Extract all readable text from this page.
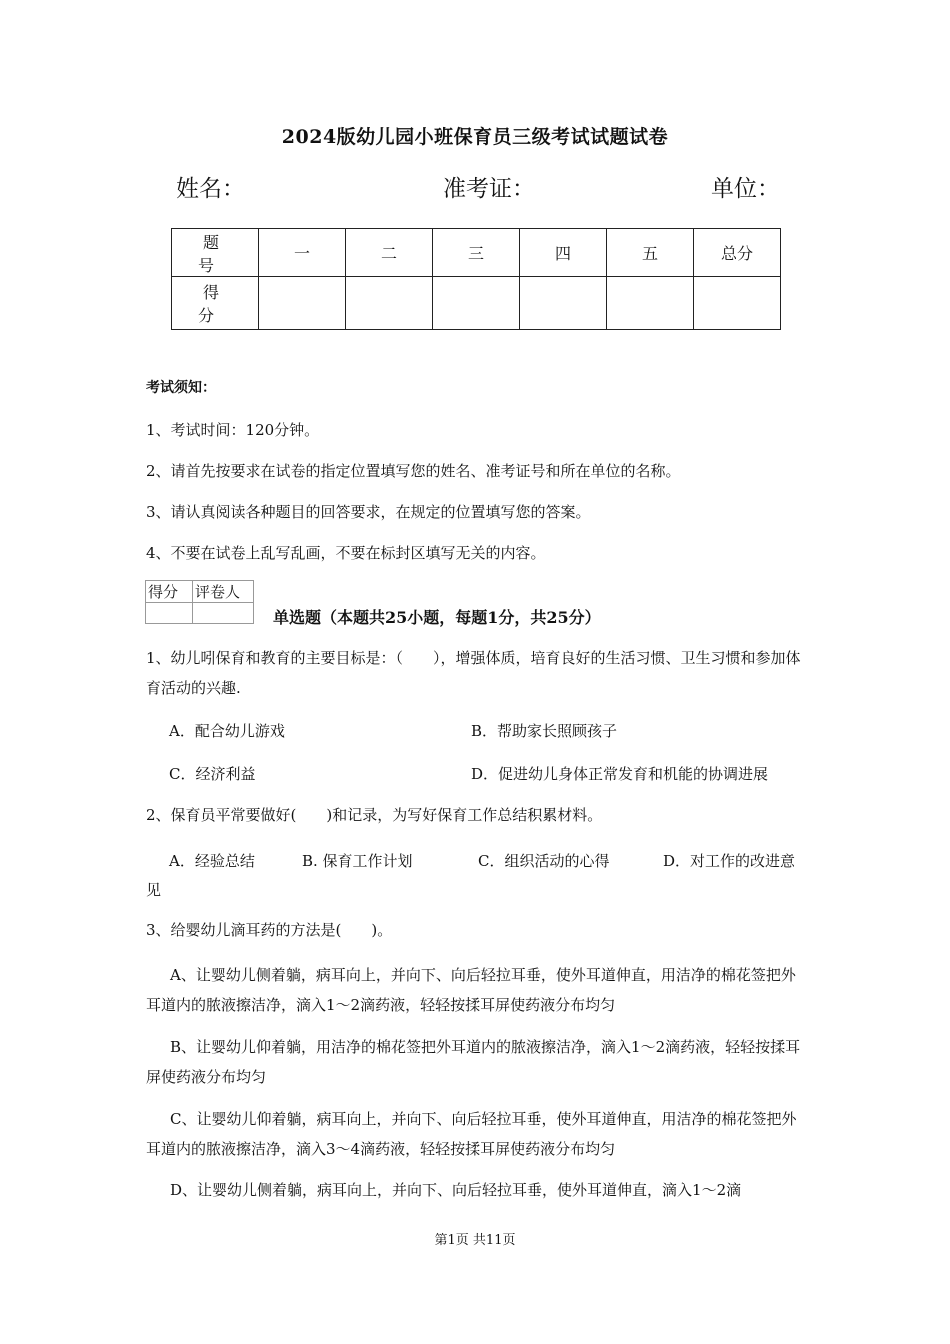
2024版幼儿园小班保育员三级考试试题试卷
姓名：	准考证：	单位：
题　号	一	二	三	四	五	总分
得　分						
考试须知：
1、考试时间：120分钟。
2、请首先按要求在试卷的指定位置填写您的姓名、准考证号和所在单位的名称。
3、请认真阅读各种题目的回答要求，在规定的位置填写您的答案。
4、不要在试卷上乱写乱画，不要在标封区填写无关的内容。
得分	评卷人

单选题（本题共25小题，每题1分，共25分）
1、幼儿吲保育和教育的主要目标是：（　　），增强体质，培育良好的生活习惯、卫生习惯和参加体育活动的兴趣.
A．配合幼儿游戏	B．帮助家长照顾孩子
C．经济利益	D．促进幼儿身体正常发育和机能的协调进展
2、保育员平常要做好(　　)和记录，为写好保育工作总结积累材料。
A．经验总结	B. 保育工作计划	C．组织活动的心得	D．对工作的改进意
见
3、给婴幼儿滴耳药的方法是(　　)。
A、让婴幼儿侧着躺，病耳向上，并向下、向后轻拉耳垂，使外耳道伸直，用洁净的棉花签把外耳道内的脓液擦洁净，滴入1～2滴药液，轻轻按揉耳屏使药液分布均匀
B、让婴幼儿仰着躺，用洁净的棉花签把外耳道内的脓液擦洁净，滴入1～2滴药液，轻轻按揉耳屏使药液分布均匀
C、让婴幼儿仰着躺，病耳向上，并向下、向后轻拉耳垂，使外耳道伸直，用洁净的棉花签把外耳道内的脓液擦洁净，滴入3～4滴药液，轻轻按揉耳屏使药液分布均匀
D、让婴幼儿侧着躺，病耳向上，并向下、向后轻拉耳垂，使外耳道伸直，滴入1～2滴
第1页 共11页
